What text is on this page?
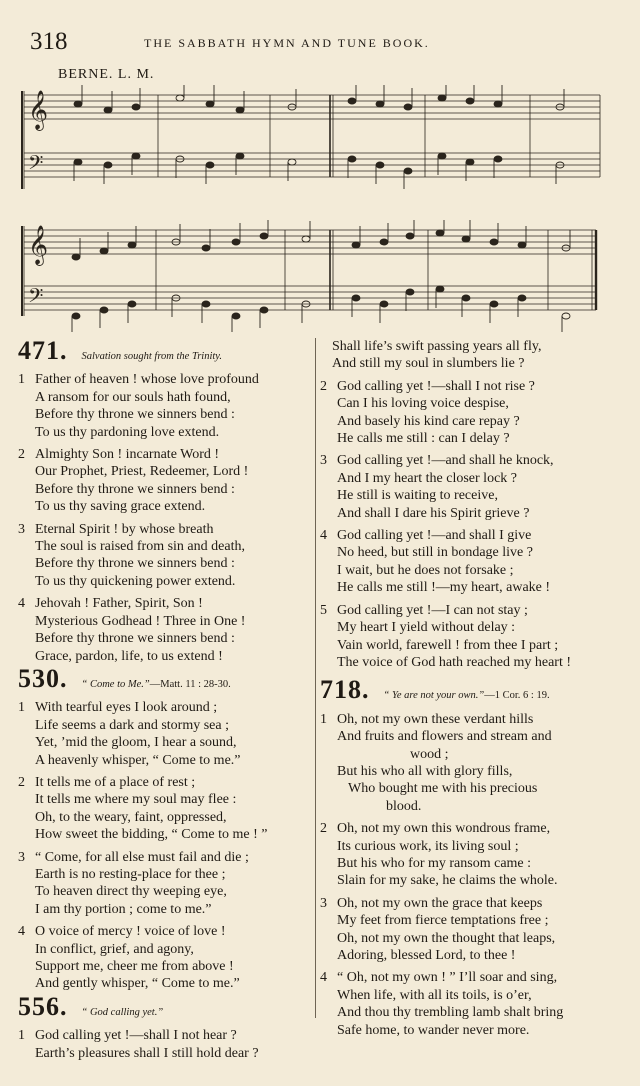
318	THE SABBATH HYMN AND TUNE BOOK.
BERNE. L. M.
𝄞
𝄢
𝄞
𝄢
471. Salvation sought from the Trinity.
1 Father of heaven ! whose love profound
A ransom for our souls hath found,
Before thy throne we sinners bend :
To us thy pardoning love extend.
2 Almighty Son ! incarnate Word !
Our Prophet, Priest, Redeemer, Lord !
Before thy throne we sinners bend :
To us thy saving grace extend.
3 Eternal Spirit ! by whose breath
The soul is raised from sin and death,
Before thy throne we sinners bend :
To us thy quickening power extend.
4 Jehovah ! Father, Spirit, Son !
Mysterious Godhead ! Three in One !
Before thy throne we sinners bend :
Grace, pardon, life, to us extend !
530. “ Come to Me.”—Matt. 11 : 28-30.
1 With tearful eyes I look around ;
Life seems a dark and stormy sea ;
Yet, ’mid the gloom, I hear a sound,
A heavenly whisper, “ Come to me.”
2 It tells me of a place of rest ;
It tells me where my soul may flee :
Oh, to the weary, faint, oppressed,
How sweet the bidding, “ Come to me ! ”
3 “ Come, for all else must fail and die ;
Earth is no resting-place for thee ;
To heaven direct thy weeping eye,
I am thy portion ; come to me.”
4 O voice of mercy ! voice of love !
In conflict, grief, and agony,
Support me, cheer me from above !
And gently whisper, “ Come to me.”
556. “ God calling yet.”
1 God calling yet !—shall I not hear ?
Earth’s pleasures shall I still hold dear ?
Shall life’s swift passing years all fly,
And still my soul in slumbers lie ?
2 God calling yet !—shall I not rise ?
Can I his loving voice despise,
And basely his kind care repay ?
He calls me still : can I delay ?
3 God calling yet !—and shall he knock,
And I my heart the closer lock ?
He still is waiting to receive,
And shall I dare his Spirit grieve ?
4 God calling yet !—and shall I give
No heed, but still in bondage live ?
I wait, but he does not forsake ;
He calls me still !—my heart, awake !
5 God calling yet !—I can not stay ;
My heart I yield without delay :
Vain world, farewell ! from thee I part ;
The voice of God hath reached my heart !
718. “ Ye are not your own.”—1 Cor. 6 : 19.
1 Oh, not my own these verdant hills
And fruits and flowers and stream and
wood ;
But his who all with glory fills,
Who bought me with his precious
blood.
2 Oh, not my own this wondrous frame,
Its curious work, its living soul ;
But his who for my ransom came :
Slain for my sake, he claims the whole.
3 Oh, not my own the grace that keeps
My feet from fierce temptations free ;
Oh, not my own the thought that leaps,
Adoring, blessed Lord, to thee !
4 “ Oh, not my own ! ” I’ll soar and sing,
When life, with all its toils, is o’er,
And thou thy trembling lamb shalt bring
Safe home, to wander never more.
